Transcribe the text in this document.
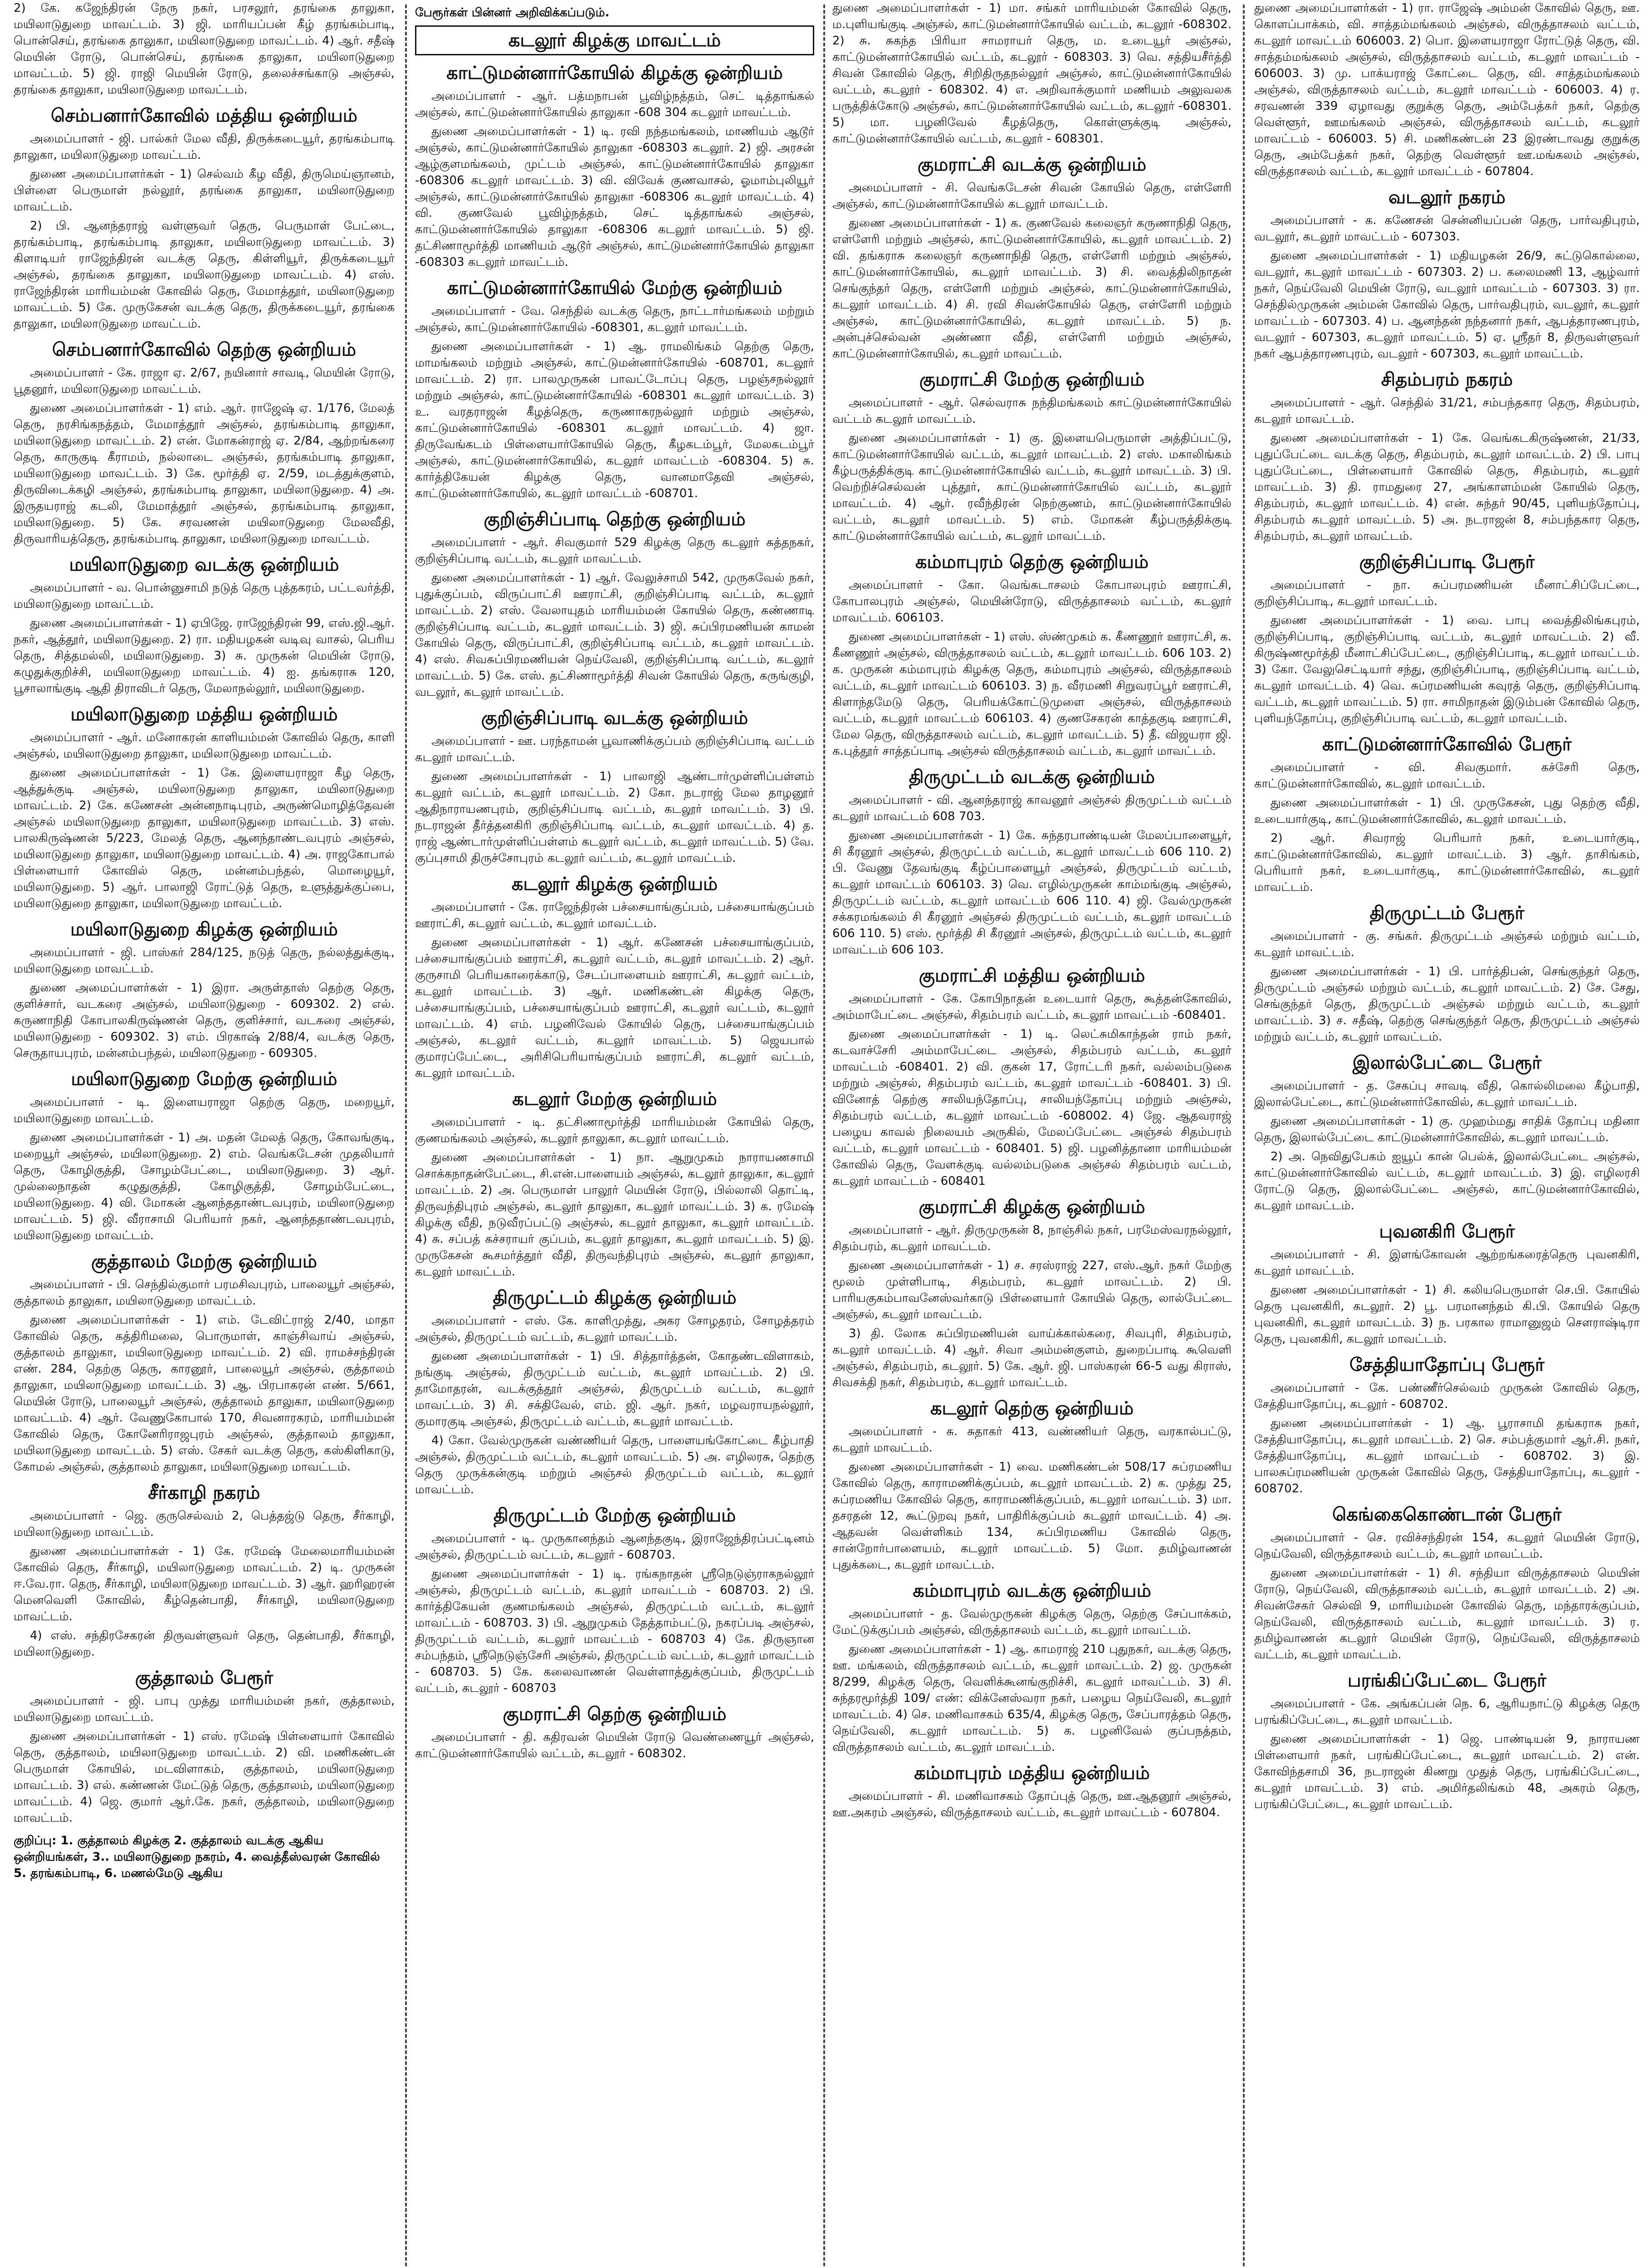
2) கே. கஜேந்திரன் நேரு நகர், பரசலூர், தரங்கை தாலுகா, மயிலாடுதுறை மாவட்டம். 3) ஜி. மாரியப்பன் கீழ் தரங்கம்பாடி, பொன்செய், தரங்கை தாலுகா, மயிலாடுதுறை மாவட்டம். 4) ஆர். சதீஷ் மெயின் ரோடு, பொன்செய், தரங்கை தாலுகா, மயிலாடுதுறை மாவட்டம். 5) ஜி. ராஜி மெயின் ரோடு, தலைச்சங்காடு அஞ்சல், தரங்கை தாலுகா, மயிலாடுதுறை மாவட்டம்.

செம்பனார்கோவில் மத்திய ஒன்றியம்

அமைப்பாளர் - ஜி. பால்கர் மேல வீதி, திருக்கடையூர், தரங்கம்பாடி தாலுகா, மயிலாடுதுறை மாவட்டம்.

துணை அமைப்பாளர்கள் - 1) செல்வம் கீழ வீதி, திருமெய்ஞானம், பிள்ளை பெருமாள் நல்லூர், தரங்கை தாலுகா, மயிலாடுதுறை மாவட்டம்.

2) பி. ஆனந்தராஜ் வள்ளுவர் தெரு, பெருமாள் பேட்டை, தரங்கம்பாடி, தரங்கம்பாடி தாலுகா, மயிலாடுதுறை மாவட்டம். 3) கிளாடியர் ராஜேந்திரன் வடக்கு தெரு, கிள்ளியூர், திருக்கடையூர் அஞ்சல், தரங்கை தாலுகா, மயிலாடுதுறை மாவட்டம். 4) எஸ். ராஜேந்திரன் மாரியம்மன் கோவில் தெரு, மேமாத்தூர், மயிலாடுதுறை மாவட்டம். 5) கே. முருகேசன் வடக்கு தெரு, திருக்கடையூர், தரங்கை தாலுகா, மயிலாடுதுறை மாவட்டம்.

செம்பனார்கோவில் தெற்கு ஒன்றியம்

அமைப்பாளர் - கே. ராஜா ஏ. 2/67, நயினார் சாவடி, மெயின் ரோடு, பூதனூர், மயிலாடுதுறை மாவட்டம்.

துணை அமைப்பாளர்கள் - 1) எம். ஆர். ராஜேஷ் ஏ. 1/176, மேலத் தெரு, நரசிங்கநத்தம், மேமாத்தூர் அஞ்சல், தரங்கம்பாடி தாலுகா, மயிலாடுதுறை மாவட்டம். 2) என். மோகன்ராஜ் ஏ. 2/84, ஆற்றங்கரை தெரு, காருகுடி கீராமம், நல்லாடை அஞ்சல், தரங்கம்பாடி தாலுகா, மயிலாடுதுறை மாவட்டம். 3) கே. மூர்த்தி ஏ. 2/59, மடத்துக்குளம், திருவிடைக்கழி அஞ்சல், தரங்கம்பாடி தாலுகா, மயிலாடுதுறை. 4) அ. இருதயராஜ் கடலி, மேமாத்தூர் அஞ்சல், தரங்கம்பாடி தாலுகா, மயிலாடுதுறை. 5) கே. சரவணன் மயிலாடுதுறை மேலவீதி, திருவாரியத்தெரு, தரங்கம்பாடி தாலுகா, மயிலாடுதுறை மாவட்டம்.

மயிலாடுதுறை வடக்கு ஒன்றியம்

அமைப்பாளர் - வ. பொன்னுசாமி நடுத் தெரு புத்தகரம், பட்டவர்த்தி, மயிலாடுதுறை மாவட்டம்.

துணை அமைப்பாளர்கள் - 1) ஏபிஜே. ராஜேந்திரன் 99, எஸ்.ஜி.ஆர். நகர், ஆத்தூர், மயிலாடுதுறை. 2) ரா. மதியழகன் வடிவு வாசல், பெரிய தெரு, சித்தமல்லி, மயிலாடுதுறை. 3) சு. முருகன் மெயின் ரோடு, கழுதுக்குறிச்சி, மயிலாடுதுறை மாவட்டம். 4) ஐ. தங்கராசு 120, பூசாலாங்குடி ஆதி திராவிடர் தெரு, மேலாநல்லூர், மயிலாடுதுறை.

மயிலாடுதுறை மத்திய ஒன்றியம்

அமைப்பாளர் - ஆர். மனோகரன் காளியம்மன் கோவில் தெரு, காளி அஞ்சல், மயிலாடுதுறை தாலுகா, மயிலாடுதுறை மாவட்டம்.

துணை அமைப்பாளர்கள் - 1) கே. இளையராஜா கீழ தெரு, ஆத்துக்குடி அஞ்சல், மயிலாடுதுறை தாலுகா, மயிலாடுதுறை மாவட்டம். 2) கே. கணேசன் அன்னநாடிபுரம், அருண்மொழித்தேவன் அஞ்சல் மயிலாடுதுறை தாலுகா, மயிலாடுதுறை மாவட்டம். 3) எஸ். பாலகிருஷ்ணன் 5/223, மேலத் தெரு, ஆனந்தாண்டவபுரம் அஞ்சல், மயிலாடுதுறை தாலுகா, மயிலாடுதுறை மாவட்டம். 4) அ. ராஜகோபால் பிள்ளையார் கோவில் தெரு, மன்னம்பந்தல், மொழையூர், மயிலாடுதுறை. 5) ஆர். பாலாஜி ரோட்டுத் தெரு, உளுத்துக்குப்பை, மயிலாடுதுறை தாலுகா, மயிலாடுதுறை மாவட்டம்.

மயிலாடுதுறை கிழக்கு ஒன்றியம்

அமைப்பாளர் - ஜி. பாஸ்கர் 284/125, நடுத் தெரு, நல்லத்துக்குடி, மயிலாடுதுறை மாவட்டம்.

துணை அமைப்பாளர்கள் - 1) இரா. அருள்தாஸ் தெற்கு தெரு, குளிச்சார், வடகரை அஞ்சல், மயிலாடுதுறை - 609302. 2) எல். கருணாநிதி கோபாலகிருஷ்ணன் தெரு, குளிச்சார், வடகரை அஞ்சல், மயிலாடுதுறை - 609302. 3) எம். பிரகாஷ் 2/88/4, வடக்கு தெரு, செருதாயபுரம், மன்னம்பந்தல், மயிலாடுதுறை - 609305.

மயிலாடுதுறை மேற்கு ஒன்றியம்

அமைப்பாளர் - டி. இளையராஜா தெற்கு தெரு, மறையூர், மயிலாடுதுறை மாவட்டம்.

துணை அமைப்பாளர்கள் - 1) அ. மதன் மேலத் தெரு, கோவங்குடி, மறையூர் அஞ்சல், மயிலாடுதுறை. 2) எம். வெங்கடேசன் முதலியார் தெரு, கோழிகுத்தி, சோழம்பேட்டை, மயிலாடுதுறை. 3) ஆர். முல்லைநாதன் கழுதுகுத்தி, கோழிகுத்தி, சோழம்பேட்டை, மயிலாடுதுறை. 4) வி. மோகன் ஆனந்ததாண்டவபுரம், மயிலாடுதுறை மாவட்டம். 5) ஜி. வீராசாமி பெரியார் நகர், ஆனந்ததாண்டவபுரம், மயிலாடுதுறை மாவட்டம்.

குத்தாலம் மேற்கு ஒன்றியம்

அமைப்பாளர் - பி. செந்தில்குமார் பரமசிவபுரம், பாலையூர் அஞ்சல், குத்தாலம் தாலுகா, மயிலாடுதுறை மாவட்டம்.

துணை அமைப்பாளர்கள் - 1) எம். டேவிட்ராஜ் 2/40, மாதா கோவில் தெரு, கத்திரிமலை, பொருமாள், காஞ்சிவாய் அஞ்சல், குத்தாலம் தாலுகா, மயிலாடுதுறை மாவட்டம். 2) வி. ராமச்சந்திரன் எண். 284, தெற்கு தெரு, காரனூர், பாலையூர் அஞ்சல், குத்தாலம் தாலுகா, மயிலாடுதுறை மாவட்டம். 3) ஆ. பிரபாகரன் எண். 5/661, மெயின் ரோடு, பாலையூர் அஞ்சல், குத்தாலம் தாலுகா, மயிலாடுதுறை மாவட்டம். 4) ஆர். வேணுகோபால் 170, சிவனாரகரம், மாரியம்மன் கோவில் தெரு, கோனேரிராஜபுரம் அஞ்சல், குத்தாலம் தாலுகா, மயிலாடுதுறை மாவட்டம். 5) எஸ். சேகர் வடக்கு தெரு, கஸ்கிளிகாடு, கோமல் அஞ்சல், குத்தாலம் தாலுகா, மயிலாடுதுறை மாவட்டம்.

சீர்காழி நகரம்

அமைப்பாளர் - ஜெ. குருசெல்வம் 2, பெத்தஜ்டு தெரு, சீர்காழி, மயிலாடுதுறை மாவட்டம்.

துணை அமைப்பாளர்கள் - 1) கே. ரமேஷ் மேலைமாரியம்மன் கோவில் தெரு, சீர்காழி, மயிலாடுதுறை மாவட்டம். 2) டி. முருகன் ஈ.வே.ரா. தெரு, சீர்காழி, மயிலாடுதுறை மாவட்டம். 3) ஆர். ஹரிஹரன் மெனவெளி கோவில், கீழ்தென்பாதி, சீர்காழி, மயிலாடுதுறை மாவட்டம்.

4) எஸ். சந்திரசேகரன் திருவள்ளுவர் தெரு, தென்பாதி, சீர்காழி, மயிலாடுதுறை.

குத்தாலம் பேரூர்

அமைப்பாளர் - ஜி. பாபு முத்து மாரியம்மன் நகர், குத்தாலம், மயிலாடுதுறை மாவட்டம்.

துணை அமைப்பாளர்கள் - 1) எஸ். ரமேஷ் பிள்ளையார் கோவில் தெரு, குத்தாலம், மயிலாடுதுறை மாவட்டம். 2) வி. மணிகண்டன் பெருமாள் கோயில், மடவிளாகம், குத்தாலம், மயிலாடுதுறை மாவட்டம். 3) எல். கண்ணன் மேட்டுத் தெரு, குத்தாலம், மயிலாடுதுறை மாவட்டம். 4) ஜெ. குமார் ஆர்.கே. நகர், குத்தாலம், மயிலாடுதுறை மாவட்டம்.

குறிப்பு: 1. குத்தாலம் கிழக்கு 2. குத்தாலம் வடக்கு ஆகிய ஒன்றியங்கள், 3.. மயிலாடுதுறை நகரம், 4. வைத்தீஸ்வரன் கோவில் 5. தரங்கம்பாடி, 6. மணல்மேடு ஆகிய
பேரூர்கள் பின்னர் அறிவிக்கப்படும்.
கடலூர் கிழக்கு மாவட்டம்
காட்டுமன்னார்கோயில் கிழக்கு ஒன்றியம்

அமைப்பாளர் - ஆர். பத்மநாபன் பூவிழ்நத்தம், செட் டித்தாங்கல் அஞ்சல், காட்டுமன்னார்கோயில் தாலுகா -608 304 கடலூர் மாவட்டம்.

துணை அமைப்பாளர்கள் - 1) டி. ரவி நந்தமங்கலம், மாணியம் ஆடூர் அஞ்சல், காட்டுமன்னார்கோயில் தாலுகா -608303 கடலூர். 2) ஜி. அரசன் ஆழ்குளமங்கலம், முட்டம் அஞ்சல், காட்டுமன்னார்கோயில் தாலுகா -608306 கடலூர் மாவட்டம். 3) வி. விவேக் குணவாசல், ஓமாம்புலியூர் அஞ்சல், காட்டுமன்னார்கோயில் தாலுகா -608306 கடலூர் மாவட்டம். 4) வி. குணவேல் பூவிழ்நத்தம், செட் டித்தாங்கல் அஞ்சல், காட்டுமன்னார்கோயில் தாலுகா -608306 கடலூர் மாவட்டம். 5) ஜி. தட்சிணாமூர்த்தி மாணியம் ஆடூர் அஞ்சல், காட்டுமன்னார்கோயில் தாலுகா -608303 கடலூர் மாவட்டம்.

காட்டுமன்னார்கோயில் மேற்கு ஒன்றியம்

அமைப்பாளர் - வே. செந்தில் வடக்கு தெரு, நாட்டார்மங்கலம் மற்றும் அஞ்சல், காட்டுமன்னார்கோயில் -608301, கடலூர் மாவட்டம்.

துணை அமைப்பாளர்கள் - 1) ஆ. ராமலிங்கம் தெற்கு தெரு, மாமங்கலம் மற்றும் அஞ்சல், காட்டுமன்னார்கோயில் -608701, கடலூர் மாவட்டம். 2) ரா. பாலமுருகன் பாவட்டோப்பு தெரு, பழஞ்சநல்லூர் மற்றும் அஞ்சல், காட்டுமன்னார்கோயில் -608301 கடலூர் மாவட்டம். 3) உ. வரதராஜன் கீழத்தெரு, கருணாகரநல்லூர் மற்றும் அஞ்சல், காட்டுமன்னார்கோயில் -608301 கடலூர் மாவட்டம். 4) ஜா. திருவேங்கடம் பிள்ளையார்கோயில் தெரு, கீழகடம்பூர், மேலகடம்பூர் அஞ்சல், காட்டுமன்னார்கோயில், கடலூர் மாவட்டம் -608304. 5) சு. கார்த்திகேயன் கிழக்கு தெரு, வானமாதேவி அஞ்சல், காட்டுமன்னார்கோயில், கடலூர் மாவட்டம் -608701.

குறிஞ்சிப்பாடி தெற்கு ஒன்றியம்

அமைப்பாளர் - ஆர். சிவகுமார் 529 கிழக்கு தெரு கடலூர் சுத்தநகர், குறிஞ்சிப்பாடி வட்டம், கடலூர் மாவட்டம்.

துணை அமைப்பாளர்கள் - 1) ஆர். வேலுச்சாமி 542, முருகவேல் நகர், புதுக்குப்பம், விருப்பாட்சி ஊராட்சி, குறிஞ்சிப்பாடி வட்டம், கடலூர் மாவட்டம். 2) எஸ். வேலாயுதம் மாரியம்மன் கோயில் தெரு, கண்ணாடி குறிஞ்சிப்பாடி வட்டம், கடலூர் மாவட்டம். 3) ஜி. சுப்பிரமணியன் காமன் கோயில் தெரு, விருப்பாட்சி, குறிஞ்சிப்பாடி வட்டம், கடலூர் மாவட்டம். 4) எஸ். சிவசுப்பிரமணியன் நெய்வேலி, குறிஞ்சிப்பாடி வட்டம், கடலூர் மாவட்டம். 5) கே. எஸ். தட்சிணாமூர்த்தி சிவன் கோயில் தெரு, கருங்குழி, வடலூர், கடலூர் மாவட்டம்.

குறிஞ்சிப்பாடி வடக்கு ஒன்றியம்

அமைப்பாளர் - ஊ. பரந்தாமன் பூவாணிக்குப்பம் குறிஞ்சிப்பாடி வட்டம் கடலூர் மாவட்டம்.

துணை அமைப்பாளர்கள் - 1) பாலாஜி ஆண்டார்முள்ளிப்பள்ளம் கடலூர் வட்டம், கடலூர் மாவட்டம். 2) கோ. நடராஜ் மேல தாழனூர் ஆதிநாராயணபுரம், குறிஞ்சிப்பாடி வட்டம், கடலூர் மாவட்டம். 3) பி. நடராஜன் தீர்த்தனகிரி குறிஞ்சிப்பாடி வட்டம், கடலூர் மாவட்டம். 4) த. ராஜ் ஆண்டார்முள்ளிப்பள்ளம் கடலூர் வட்டம், கடலூர் மாவட்டம். 5) வே. குப்புசாமி திருச்சோபுரம் கடலூர் வட்டம், கடலூர் மாவட்டம்.

கடலூர் கிழக்கு ஒன்றியம்

அமைப்பாளர் - கே. ராஜேந்திரன் பச்சையாங்குப்பம், பச்சையாங்குப்பம் ஊராட்சி, கடலூர் வட்டம், கடலூர் மாவட்டம்.

துணை அமைப்பாளர்கள் - 1) ஆர். கணேசன் பச்சையாங்குப்பம், பச்சையாங்குப்பம் ஊராட்சி, கடலூர் வட்டம், கடலூர் மாவட்டம். 2) ஆர். குருசாமி பெரியகாரைக்காடு, சேடப்பாளையம் ஊராட்சி, கடலூர் வட்டம், கடலூர் மாவட்டம். 3) ஆர். மணிகண்டன் கிழக்கு தெரு, பச்சையாங்குப்பம், பச்சையாங்குப்பம் ஊராட்சி, கடலூர் வட்டம், கடலூர் மாவட்டம். 4) எம். பழனிவேல் கோயில் தெரு, பச்சையாங்குப்பம் அஞ்சல், கடலூர் வட்டம், கடலூர் மாவட்டம். 5) ஜெயபால் குமாரப்பேட்டை, அரிசிபெரியாங்குப்பம் ஊராட்சி, கடலூர் வட்டம், கடலூர் மாவட்டம்.

கடலூர் மேற்கு ஒன்றியம்

அமைப்பாளர் - டி. தட்சிணாமூர்த்தி மாரியம்மன் கோயில் தெரு, குணமங்கலம் அஞ்சல், கடலூர் தாலுகா, கடலூர் மாவட்டம்.

துணை அமைப்பாளர்கள் - 1) நா. ஆறுமுகம் நாராயணசாமி சொக்கநாதன்பேட்டை, சி.என்.பாளையம் அஞ்சல், கடலூர் தாலுகா, கடலூர் மாவட்டம். 2) அ. பெருமாள் பாலூர் மெயின் ரோடு, பில்லாலி தொட்டி, திருவந்திபுரம் அஞ்சல், கடலூர் தாலுகா, கடலூர் மாவட்டம். 3) க. ரமேஷ் கிழக்கு வீதி, நடுவீரப்பட்டு அஞ்சல், கடலூர் தாலுகா, கடலூர் மாவட்டம். 4) சு. சப்பத் கச்சராயர் குப்பம், கடலூர் தாலுகா, கடலூர் மாவட்டம். 5) இ. முருகேசன் கூசமர்த்தூர் வீதி, திருவந்திபுரம் அஞ்சல், கடலூர் தாலுகா, கடலூர் மாவட்டம்.

திருமுட்டம் கிழக்கு ஒன்றியம்

அமைப்பாளர் - எஸ். கே. காளிமுத்து, அகர சோழதரம், சோழத்தரம் அஞ்சல், திருமுட்டம் வட்டம், கடலூர் மாவட்டம்.

துணை அமைப்பாளர்கள் - 1) பி. சித்தார்த்தன், கோதண்டவிளாகம், நங்குடி அஞ்சல், திருமுட்டம் வட்டம், கடலூர் மாவட்டம். 2) பி. தாமோதரன், வடக்குத்தூர் அஞ்சல், திருமுட்டம் வட்டம், கடலூர் மாவட்டம். 3) சி. சக்திவேல், எம். ஜி. ஆர். நகர், மழவராயநல்லூர், குமாரகுடி அஞ்சல், திருமுட்டம் வட்டம், கடலூர் மாவட்டம்.

4) கோ. வேல்முருகன் வண்ணியர் தெரு, பாளையங்கோட்டை கீழ்பாதி அஞ்சல், திருமுட்டம் வட்டம், கடலூர் மாவட்டம். 5) அ. எழிலரசு, தெற்கு தெரு முருக்கன்குடி மற்றும் அஞ்சல் திருமுட்டம் வட்டம், கடலூர் மாவட்டம்.

திருமுட்டம் மேற்கு ஒன்றியம்

அமைப்பாளர் - டி. முருகானந்தம் ஆனந்தகுடி, இராஜேந்திரப்பட்டினம் அஞ்சல், திருமுட்டம் வட்டம், கடலூர் - 608703.

துணை அமைப்பாளர்கள் - 1) டி. ரங்கநாதன் ஸ்ரீநெடுஞ்ராகநல்லூர் அஞ்சல், திருமுட்டம் வட்டம், கடலூர் மாவட்டம் - 608703. 2) பி. கார்த்திகேயன் குணமங்கலம் அஞ்சல், திருமுட்டம் வட்டம், கடலூர் மாவட்டம் - 608703. 3) பி. ஆறுமுகம் தேத்தாம்பட்டு, நகரப்படி அஞ்சல், திருமுட்டம் வட்டம், கடலூர் மாவட்டம் - 608703 4) கே. திருஞான சம்பந்தம், ஸ்ரீநெடுஞ்சேரி அஞ்சல், திருமுட்டம் வட்டம், கடலூர் மாவட்டம் - 608703. 5) கே. கலைவாணன் வெள்ளாத்துக்குப்பம், திருமுட்டம் வட்டம், கடலூர் - 608703

குமராட்சி தெற்கு ஒன்றியம்

அமைப்பாளர் - தி. கதிரவன் மெயின் ரோடு வெண்ணையூர் அஞ்சல், காட்டுமன்னார்கோயில் வட்டம், கடலூர் - 608302.

துணை அமைப்பாளர்கள் - 1) மா. சங்கர் மாரியம்மன் கோவில் தெரு, ம.புளியங்குடி அஞ்சல், காட்டுமன்னார்கோயில் வட்டம், கடலூர் -608302. 2) சு. சுகந்த பிரியா சாமராயர் தெரு, ம. உடையூர் அஞ்சல், காட்டுமன்னார்கோயில் வட்டம், கடலூர் - 608303. 3) வெ. சத்தியசீர்த்தி சிவன் கோவில் தெரு, சிறிதிருதநல்லூர் அஞ்சல், காட்டுமன்னார்கோயில் வட்டம், கடலூர் - 608302. 4) எ. அறிவாக்குமார் மணியம் அலுவலக பருத்திக்கோடு அஞ்சல், காட்டுமன்னார்கோயில் வட்டம், கடலூர் -608301. 5) மா. பழனிவேல் கீழத்தெரு, கொள்ளுக்குடி அஞ்சல், காட்டுமன்னார்கோயில் வட்டம், கடலூர் - 608301.

குமராட்சி வடக்கு ஒன்றியம்

அமைப்பாளர் - சி. வெங்கடேசன் சிவன் கோயில் தெரு, எள்ளேரி அஞ்சல், காட்டுமன்னார்கோயில் கடலூர் மாவட்டம்.

துணை அமைப்பாளர்கள் - 1) க. குணவேல் கலைஞர் கருணாநிதி தெரு, எள்ளேரி மற்றும் அஞ்சல், காட்டுமன்னார்கோயில், கடலூர் மாவட்டம். 2) வி. தங்கராசு கலைஞர் கருணாநிதி தெரு, எள்ளேரி மற்றும் அஞ்சல், காட்டுமன்னார்கோயில், கடலூர் மாவட்டம். 3) சி. வைத்திலிநாதன் செங்குந்தர் தெரு, எள்ளேரி மற்றும் அஞ்சல், காட்டுமன்னார்கோயில், கடலூர் மாவட்டம். 4) சி. ரவி சிவன்கோயில் தெரு, எள்ளேரி மற்றும் அஞ்சல், காட்டுமன்னார்கோயில், கடலூர் மாவட்டம். 5) ந. அன்புச்செல்வன் அண்ணா வீதி, எள்ளேரி மற்றும் அஞ்சல், காட்டுமன்னார்கோயில், கடலூர் மாவட்டம்.

குமராட்சி மேற்கு ஒன்றியம்

அமைப்பாளர் - ஆர். செல்வராசு நந்திமங்கலம் காட்டுமன்னார்கோயில் வட்டம் கடலூர் மாவட்டம்.

துணை அமைப்பாளர்கள் - 1) கு. இளையபெருமாள் அத்திப்பட்டு, காட்டுமன்னார்கோயில் வட்டம், கடலூர் மாவட்டம். 2) எஸ். மகாலிங்கம் கீழ்பருத்திக்குடி காட்டுமன்னார்கோயில் வட்டம், கடலூர் மாவட்டம். 3) பி. வெற்றிச்செல்வன் புத்தூர், காட்டுமன்னார்கோயில் வட்டம், கடலூர் மாவட்டம். 4) ஆர். ரவீந்திரன் நெற்குணம், காட்டுமன்னார்கோயில் வட்டம், கடலூர் மாவட்டம். 5) எம். மோகன் கீழ்பருத்திக்குடி காட்டுமன்னார்கோயில் வட்டம், கடலூர் மாவட்டம்.

கம்மாபுரம் தெற்கு ஒன்றியம்

அமைப்பாளர் - கோ. வெங்கடாசலம் கோபாலபுரம் ஊராட்சி, கோபாலபுரம் அஞ்சல், மெயின்ரோடு, விருத்தாசலம் வட்டம், கடலூர் மாவட்டம். 606103.

துணை அமைப்பாளர்கள் - 1) எஸ். ஸ்ண்முகம் க. கீணணூர் ஊராட்சி, க. கீணணூர் அஞ்சல், விருத்தாசலம் வட்டம், கடலூர் மாவட்டம். 606 103. 2) க. முருகன் கம்மாபுரம் கிழக்கு தெரு, கம்மாபுரம் அஞ்சல், விருத்தாசலம் வட்டம், கடலூர் மாவட்டம் 606103. 3) ந. வீரமணி சிறுவரப்பூர் ஊராட்சி, கிளாந்தமேடு தெரு, பெரியக்கோட்டுமுளை அஞ்சல், விருத்தாசலம் வட்டம், கடலூர் மாவட்டம் 606103. 4) குணசேகரன் காத்தகுடி ஊராட்சி, மேல தெரு, விருத்தாசலம் வட்டம், கடலூர் மாவட்டம். 5) தீ. விஜயரா ஜி. க.புத்தூர் சாத்தப்பாடி அஞ்சல் விருத்தாசலம் வட்டம், கடலூர் மாவட்டம்.

திருமுட்டம் வடக்கு ஒன்றியம்

அமைப்பாளர் - வி. ஆனந்தராஜ் காவனூர் அஞ்சல் திருமுட்டம் வட்டம் கடலூர் மாவட்டம் 608 703.

துணை அமைப்பாளர்கள் - 1) கே. சுந்தரபாண்டியன் மேலப்பாளையூர், சி கீரனூர் அஞ்சல், திருமுட்டம் வட்டம், கடலூர் மாவட்டம் 606 110. 2) பி. வேணு தேவங்குடி கீழ்ப்பாளையூர் அஞ்சல், திருமுட்டம் வட்டம், கடலூர் மாவட்டம் 606103. 3) வெ. எழில்முருகன் காம்மங்குடி அஞ்சல், திருமுட்டம் வட்டம், கடலூர் மாவட்டம் 606 110. 4) ஜி. வேல்முருகன் சக்கரமங்கலம் சி கீரனூர் அஞ்சல் திருமுட்டம் வட்டம், கடலூர் மாவட்டம் 606 110. 5) எஸ். மூர்த்தி சி கீரனூர் அஞ்சல், திருமுட்டம் வட்டம், கடலூர் மாவட்டம் 606 103.

குமராட்சி மத்திய ஒன்றியம்

அமைப்பாளர் - கே. கோபிநாதன் உடையார் தெரு, கூத்தன்கோவில், அம்மாபேட்டை அஞ்சல், சிதம்பரம் வட்டம், கடலூர் மாவட்டம் -608401.

துணை அமைப்பாளர்கள் - 1) டி. லெட்சுமிகாந்தன் ராம் நகர், கடவாச்சேரி அம்மாபேட்டை அஞ்சல், சிதம்பரம் வட்டம், கடலூர் மாவட்டம் -608401. 2) வி. குகன் 17, ரோட்டரி நகர், வல்லம்படுகை மற்றும் அஞ்சல், சிதம்பரம் வட்டம், கடலூர் மாவட்டம் -608401. 3) பி. வினோத் தெற்கு சாலியந்தோப்பு, சாலியந்தோப்பு மற்றும் அஞ்சல், சிதம்பரம் வட்டம், கடலூர் மாவட்டம் -608002. 4) ஜே. ஆதவராஜ் பழைய காவல் நிலையம் அருகில், மேலப்பேட்டை அஞ்சல் சிதம்பரம் வட்டம், கடலூர் மாவட்டம் - 608401. 5) ஜி. பழனித்தானா மாரியம்மன் கோவில் தெரு, வேளக்குடி வல்லம்படுகை அஞ்சல் சிதம்பரம் வட்டம், கடலூர் மாவட்டம் - 608401

குமராட்சி கிழக்கு ஒன்றியம்

அமைப்பாளர் - ஆர். திருமுருகன் 8, நாஞ்சில் நகர், பரமேஸ்வரநல்லூர், சிதம்பரம், கடலூர் மாவட்டம்.

துணை அமைப்பாளர்கள் - 1) ச. சரஸ்ராஜ் 227, எஸ்.ஆர். நகர் மேற்கு மூலம் முள்ளிபாடி, சிதம்பரம், கடலூர் மாவட்டம். 2) பி. பாரியகுகம்பாவனேஸ்வர்காடு பிள்ளையார் கோயில் தெரு, லால்பேட்டை அஞ்சல், கடலூர் மாவட்டம்.

3) தி. லோக சுப்பிரமணியன் வாய்க்கால்கரை, சிவபுரி, சிதம்பரம், கடலூர் மாவட்டம். 4) ஆர். சிவா அம்மன்குளம், துறைப்பாடி கூவெளி அஞ்சல், சிதம்பரம், கடலூர். 5) கே. ஆர். ஜி. பாஸ்கரன் 66-5 வது கிராஸ், சிவசக்தி நகர், சிதம்பரம், கடலூர் மாவட்டம்.

கடலூர் தெற்கு ஒன்றியம்

அமைப்பாளர் - சு. சுதாகர் 413, வண்ணியர் தெரு, வரகால்பட்டு, கடலூர் மாவட்டம்.

துணை அமைப்பாளர்கள் - 1) வை. மணிகண்டன் 508/17 சுப்ரமணிய கோவில் தெரு, காராமணிக்குப்பம், கடலூர் மாவட்டம். 2) க. முத்து 25, சுப்ரமணிய கோவில் தெரு, காராமணிக்குப்பம், கடலூர் மாவட்டம். 3) மா. தசரதன் 12, கூட்டுறவு நகர், பாதிரிக்குப்பம் கடலூர் மாவட்டம். 4) அ. ஆதவன் வெள்ளிகம் 134, சுப்பிரமணிய கோவில் தெரு, சான்றோர்பாளையம், கடலூர் மாவட்டம். 5) மோ. தமிழ்வாணன் புதுக்கடை, கடலூர் மாவட்டம்.

கம்மாபுரம் வடக்கு ஒன்றியம்

அமைப்பாளர் - த. வேல்முருகன் கிழக்கு தெரு, தெற்கு சேப்பாக்கம், மேட்டுக்குப்பம் அஞ்சல், விருத்தாசலம் வட்டம், கடலூர் மாவட்டம்.

துணை அமைப்பாளர்கள் - 1) ஆ. காமராஜ் 210 புதுநகர், வடக்கு தெரு, ஊ. மங்கலம், விருத்தாசலம் வட்டம், கடலூர் மாவட்டம். 2) ஜ. முருகன் 8/299, கிழக்கு தெரு, வெளிக்கூனங்குறிச்சி, கடலூர் மாவட்டம். 3) சி. சுந்தரமூர்த்தி 109/ எண்: விக்னேஸ்வரா நகர், பழைய நெய்வேலி, கடலூர் மாவட்டம். 4) செ. மணிவாசகம் 635/4, கிழக்கு தெரு, சேப்பாரத்தம் தெரு, நெய்வேலி, கடலூர் மாவட்டம். 5) க. பழனிவேல் குப்பநத்தம், விருத்தாசலம் வட்டம், கடலூர் மாவட்டம்.

கம்மாபுரம் மத்திய ஒன்றியம்

அமைப்பாளர் - சி. மணிவாசகம் தோப்புத் தெரு, ஊ.ஆதனூர் அஞ்சல், ஊ.அகரம் அஞ்சல், விருத்தாசலம் வட்டம், கடலூர் மாவட்டம் - 607804.

துணை அமைப்பாளர்கள் - 1) ரா. ராஜேஷ் அம்மன் கோவில் தெரு, ஊ. கொளப்பாக்கம், வி. சாத்தம்மங்கலம் அஞ்சல், விருத்தாசலம் வட்டம், கடலூர் மாவட்டம் 606003. 2) பொ. இளையராஜா ரோட்டுத் தெரு, வி. சாத்தம்மங்கலம் அஞ்சல், விருத்தாசலம் வட்டம், கடலூர் மாவட்டம் - 606003. 3) மு. பாக்யராஜ் கோட்டை தெரு, வி. சாத்தம்மங்கலம் அஞ்சல், விருத்தாசலம் வட்டம், கடலூர் மாவட்டம் - 606003. 4) ர. சரவணன் 339 ஏழாவது குறுக்கு தெரு, அம்பேத்கர் நகர், தெற்கு வெள்ளூர், ஊமங்கலம் அஞ்சல், விருத்தாசலம் வட்டம், கடலூர் மாவட்டம் - 606003. 5) சி. மணிகண்டன் 23 இரண்டாவது குறுக்கு தெரு, அம்பேத்கர் நகர், தெற்கு வெள்ளூர் ஊ.மங்கலம் அஞ்சல், விருத்தாசலம் வட்டம், கடலூர் மாவட்டம் - 607804.

வடலூர் நகரம்

அமைப்பாளர் - க. கணேசன் சென்னியப்பன் தெரு, பார்வதிபுரம், வடலூர், கடலூர் மாவட்டம் - 607303.

துணை அமைப்பாளர்கள் - 1) மதியழகன் 26/9, சுட்டுகொல்லை, வடலூர், கடலூர் மாவட்டம் - 607303. 2) ப. கலைமணி 13, ஆழ்வார் நகர், நெய்வேலி மெயின் ரோடு, வடலூர் மாவட்டம் - 607303. 3) ரா. செந்தில்முருகன் அம்மன் கோவில் தெரு, பார்வதிபுரம், வடலூர், கடலூர் மாவட்டம் - 607303. 4) ப. ஆனந்தன் நந்தனார் நகர், ஆபத்தாரணபுரம், வடலூர் - 607303, கடலூர் மாவட்டம். 5) ஏ. ஸ்ரீதர் 8, திருவள்ளுவர் நகர் ஆபத்தாரணபுரம், வடலூர் - 607303, கடலூர் மாவட்டம்.

சிதம்பரம் நகரம்

அமைப்பாளர் - ஆர். செந்தில் 31/21, சம்பந்தகார தெரு, சிதம்பரம், கடலூர் மாவட்டம்.

துணை அமைப்பாளர்கள் - 1) கே. வெங்கடகிருஷ்ணன், 21/33, புதுப்பேட்டை வடக்கு தெரு, சிதம்பரம், கடலூர் மாவட்டம். 2) பி. பாபு புதுப்பேட்டை, பிள்ளையார் கோவில் தெரு, சிதம்பரம், கடலூர் மாவட்டம். 3) தி. ராமதுரை 27, அங்காளம்மன் கோயில் தெரு, சிதம்பரம், கடலூர் மாவட்டம். 4) என். சுந்தர் 90/45, புளியந்தோப்பு, சிதம்பரம் கடலூர் மாவட்டம். 5) அ. நடராஜன் 8, சம்பந்தகார தெரு, சிதம்பரம், கடலூர் மாவட்டம்.

குறிஞ்சிப்பாடி பேரூர்

அமைப்பாளர் - நா. சுப்பரமணியன் மீனாட்சிப்பேட்டை, குறிஞ்சிப்பாடி, கடலூர் மாவட்டம்.

துணை அமைப்பாளர்கள் - 1) வை. பாபு வைத்திலிங்கபுரம், குறிஞ்சிப்பாடி, குறிஞ்சிப்பாடி வட்டம், கடலூர் மாவட்டம். 2) வீ. கிருஷ்ணமூர்த்தி மீனாட்சிப்பேட்டை, குறிஞ்சிப்பாடி, கடலூர் மாவட்டம். 3) கோ. வேலுசெட்டியார் சந்து, குறிஞ்சிப்பாடி, குறிஞ்சிப்பாடி வட்டம், கடலூர் மாவட்டம். 4) வெ. சுப்ரமணியன் கவுரத் தெரு, குறிஞ்சிப்பாடி வட்டம், கடலூர் மாவட்டம். 5) ரா. சாமிநாதன் இடும்பன் கோவில் தெரு, புளியந்தோப்பு, குறிஞ்சிப்பாடி வட்டம், கடலூர் மாவட்டம்.

காட்டுமன்னார்கோவில் பேரூர்

அமைப்பாளர் - வி. சிவகுமார். கச்சேரி தெரு, காட்டுமன்னார்கோவில், கடலூர் மாவட்டம்.

துணை அமைப்பாளர்கள் - 1) பி. முருகேசன், புது தெற்கு வீதி, உடையார்குடி, காட்டுமன்னார்கோவில், கடலூர் மாவட்டம்.

2) ஆர். சிவராஜ் பெரியார் நகர், உடையார்குடி, காட்டுமன்னார்கோவில், கடலூர் மாவட்டம். 3) ஆர். தாசிங்கம், பெரியார் நகர், உடையார்குடி, காட்டுமன்னார்கோவில், கடலூர் மாவட்டம்.

திருமுட்டம் பேரூர்

அமைப்பாளர் - கு. சங்கர். திருமுட்டம் அஞ்சல் மற்றும் வட்டம், கடலூர் மாவட்டம்.

துணை அமைப்பாளர்கள் - 1) பி. பார்த்திபன், செங்குந்தர் தெரு, திருமுட்டம் அஞ்சல் மற்றும் வட்டம், கடலூர் மாவட்டம். 2) சே. சேது, செங்குந்தர் தெரு, திருமுட்டம் அஞ்சல் மற்றும் வட்டம், கடலூர் மாவட்டம். 3) ச. சதீஷ், தெற்கு செங்குந்தர் தெரு, திருமுட்டம் அஞ்சல் மற்றும் வட்டம், கடலூர் மாவட்டம்.

இலால்பேட்டை பேரூர்

அமைப்பாளர் - த. சேகப்பு சாவடி வீதி, கொல்லிமலை கீழ்பாதி, இலால்பேட்டை, காட்டுமன்னார்கோவில், கடலூர் மாவட்டம்.

துணை அமைப்பாளர்கள் - 1) கு. முஹம்மது சாதிக் தோப்பு மதினா தெரு, இலால்பேட்டை காட்டுமன்னார்கோவில், கடலூர் மாவட்டம்.

2) அ. நெவிதுபேகம் ஐயூப் கான் பெல்க், இலால்பேட்டை அஞ்சல், காட்டுமன்னார்கோவில் வட்டம், கடலூர் மாவட்டம். 3) இ. எழிலரசி ரோட்டு தெரு, இலால்பேட்டை அஞ்சல், காட்டுமன்னார்கோவில், கடலூர் மாவட்டம்.

புவனகிரி பேரூர்

அமைப்பாளர் - சி. இளங்கோவன் ஆற்றங்கரைத்தெரு புவனகிரி, கடலூர் மாவட்டம்.

துணை அமைப்பாளர்கள் - 1) சி. கலியபெருமாள் செ.பி. கோயில் தெரு புவனகிரி, கடலூர். 2) பூ. பரமானந்தம் கி.பி. கோயில் தெரு புவனகிரி, கடலூர் மாவட்டம். 3) ந. பரகால ராமானுஜம் சௌராஷ்டிரா தெரு, புவனகிரி, கடலூர் மாவட்டம்.

சேத்தியாதோப்பு பேரூர்

அமைப்பாளர் - கே. பண்ணீர்செல்வம் முருகன் கோவில் தெரு, சேத்தியாதோப்பு, கடலூர் - 608702.

துணை அமைப்பாளர்கள் - 1) ஆ. பூராசாமி தங்கராசு நகர், சேத்தியாதோப்பு, கடலூர் மாவட்டம். 2) செ. சம்பத்குமார் ஆர்.சி. நகர், சேத்தியாதோப்பு, கடலூர் மாவட்டம் - 608702. 3) இ. பாலசுப்ரமணியன் முருகன் கோவில் தெரு, சேத்தியாதோப்பு, கடலூர் - 608702.

கெங்கைகொண்டான் பேரூர்

அமைப்பாளர் - செ. ரவிச்சந்திரன் 154, கடலூர் மெயின் ரோடு, நெய்வேலி, விருத்தாசலம் வட்டம், கடலூர் மாவட்டம்.

துணை அமைப்பாளர்கள் - 1) சி. சந்தியா விருத்தாசலம் மெயின் ரோடு, நெய்வேலி, விருத்தாசலம் வட்டம், கடலூர் மாவட்டம். 2) அ. சிவன்சேகர் செல்வி 9, மாரியம்மன் கோவில் தெரு, மந்தாரக்குப்பம், நெய்வேலி, விருத்தாசலம் வட்டம், கடலூர் மாவட்டம். 3) ர. தமிழ்வாணன் கடலூர் மெயின் ரோடு, நெய்வேலி, விருத்தாசலம் வட்டம், கடலூர் மாவட்டம்.

பரங்கிப்பேட்டை பேரூர்

அமைப்பாளர் - கே. அங்கப்பன் நெ. 6, ஆரியநாட்டு கிழக்கு தெரு பரங்கிப்பேட்டை, கடலூர் மாவட்டம்.

துணை அமைப்பாளர்கள் - 1) ஜெ. பாண்டியன் 9, நாராயண பிள்ளையார் நகர், பரங்கிப்பேட்டை, கடலூர் மாவட்டம். 2) என். கோவிந்தசாமி 36, நடராஜன் கிணறு முதுத் தெரு, பரங்கிப்பேட்டை, கடலூர் மாவட்டம். 3) எம். அமிர்தலிங்கம் 48, அகரம் தெரு, பரங்கிப்பேட்டை, கடலூர் மாவட்டம்.
